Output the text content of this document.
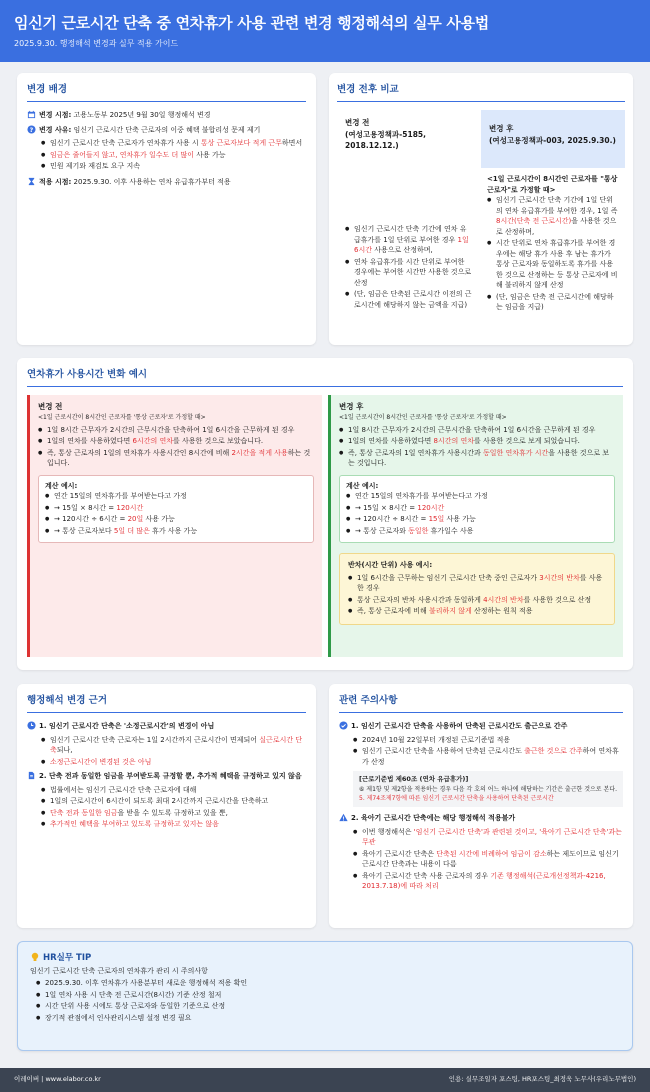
임신기 근로시간 단축 중 연차휴가 사용 관련 변경 행정해석의 실무 사용법
2025.9.30. 행정해석 변경과 실무 적용 가이드
변경 배경
변경 시점: 고용노동부 2025년 9월 30일 행정해석 변경
? 변경 사유: 임신기 근로시간 단축 근로자의 이중 혜택 불합리성 문제 제기
● 임신기 근로시간 단축 근로자가 연차휴가 사용 시 통상 근로자보다 적게 근무하면서
● 임금은 줄어들지 않고, 연차휴가 일수도 더 많이 사용 가능
● 민원 제기와 재검토 요구 지속
적용 시점: 2025.9.30. 이후 사용하는 연차 유급휴가부터 적용
변경 전후 비교
변경 전
(여성고용정책과-5185,
2018.12.12.)
● 임신기 근로시간 단축 기간에 연차 유급휴가를 1일 단위로 부여한 경우 1일 6시간 사용으로 산정하며,
● 연차 유급휴가를 시간 단위로 부여한 경우에는 부여한 시간만 사용한 것으로 산정
● (단, 임금은 단축된 근로시간 이전의 근로시간에 해당하지 않는 금액을 지급)
변경 후
(여성고용정책과-003, 2025.9.30.)
<1일 근로시간이 8시간인 근로자를 "통상 근로자"로 가정할 때>
● 임신기 근로시간 단축 기간에 1일 단위의 연차 유급휴가를 부여한 경우, 1일 즉 8시간(단축 전 근로시간)을 사용한 것으로 산정하며,
● 시간 단위로 연차 휴급휴가를 부여한 경우에는 해당 휴가 사용 후 남는 휴가가 통상 근로자와 동일하도록 휴가를 사용한 것으로 산정하는 등 통상 근로자에 비해 불리하지 않게 산정
● (단, 임금은 단축 전 근로시간에 해당하는 임금을 지급)
연차휴가 사용시간 변화 예시
변경 전
<1일 근로시간이 8시간인 근로자를 '통상 근로자'로 가정할 때>
● 1일 8시간 근무자가 2시간의 근무시간을 단축하여 1일 6시간을 근무하게 된 경우
● 1일의 연차를 사용하였다면 6시간의 연차를 사용한 것으로 보았습니다.
● 즉, 통상 근로자의 1일의 연차휴가 사용시간인 8시간에 비해 2시간을 적게 사용하는 것입니다.
계산 예시:
● 연간 15일의 연차휴가를 부여받는다고 가정
● → 15일 × 8시간 = 120시간
● → 120시간 ÷ 6시간 = 20일 사용 가능
● → 통상 근로자보다 5일 더 많은 휴가 사용 가능
변경 후
<1일 근로시간이 8시간인 근로자를 '통상 근로자'로 가정할 때>
● 1일 8시간 근무자가 2시간의 근무시간을 단축하여 1일 6시간을 근무하게 된 경우
● 1일의 연차를 사용하였다면 8시간의 연차를 사용한 것으로 보게 되었습니다.
● 즉, 통상 근로자의 1일 연차휴가 사용시간과 동일한 연차휴가 시간을 사용한 것으로 보는 것입니다.
계산 예시:
● 연간 15일의 연차휴가를 부여받는다고 가정
● → 15일 × 8시간 = 120시간
● → 120시간 ÷ 8시간 = 15일 사용 가능
● → 통상 근로자와 동일한 휴가일수 사용
반차(시간 단위) 사용 예시:
● 1일 6시간을 근무하는 임신기 근로시간 단축 중인 근로자가 3시간의 반차를 사용한 경우
● 통상 근로자의 반차 사용시간과 동일하게 4시간의 반차를 사용한 것으로 산정
● 즉, 통상 근로자에 비해 불리하지 않게 산정하는 원칙 적용
행정해석 변경 근거
1. 임신기 근로시간 단축은 '소정근로시간'의 변경이 아님
● 임신기 근로시간 단축 근로자는 1일 2시간까지 근로시간이 면제되어 실근로시간 단축되나,
● 소정근로시간이 변경된 것은 아님
2. 단축 전과 동일한 임금을 부여받도록 규정할 뿐, 추가적 혜택을 규정하고 있지 않음
● 법률에서는 임신기 근로시간 단축 근로자에 대해
● 1일의 근로시간이 6시간이 되도록 최대 2시간까지 근로시간을 단축하고
● 단축 전과 동일한 임금을 받을 수 있도록 규정하고 있을 뿐,
● 추가적인 혜택을 부여하고 있도록 규정하고 있지는 않음
관련 주의사항
1. 임신기 근로시간 단축을 사용하여 단축된 근로시간도 출근으로 간주
● 2024년 10월 22일부터 개정된 근로기준법 적용
● 임신기 근로시간 단축을 사용하여 단축된 근로시간도 출근한 것으로 간주하여 연차휴가 산정
[근로기준법 제60조 (연차 유급휴가)]
⑥ 제1항 및 제2항을 적용하는 경우 다음 각 호의 어느 하나에 해당하는 기간은 출근한 것으로 본다.
5. 제74조제7항에 따른 임신기 근로시간 단축을 사용하여 단축된 근로시간
! 2. 육아기 근로시간 단축에는 해당 행정해석 적용불가
● 이번 행정해석은 '임신기 근로시간 단축'과 관련된 것이고, '육아기 근로시간 단축'과는 무관
● 육아기 근로시간 단축은 단축된 시간에 비례하여 임금이 감소하는 제도이므로 임신기 근로시간 단축과는 내용이 다름
● 육아기 근로시간 단축 사용 근로자의 경우 기존 행정해석(근로개선정책과-4216, 2013.7.18)에 따라 처리
HR실무 TIP
임신기 근로시간 단축 근로자의 연차휴가 관리 시 주의사항
● 2025.9.30. 이후 연차휴가 사용분부터 새로운 행정해석 적용 확인
● 1일 연차 사용 시 단축 전 근로시간(8시간) 기준 산정 철저
● 시간 단위 사용 시에도 통상 근로자와 동일한 기준으로 산정
● 장기적 관점에서 인사관리시스템 설정 변경 필요
이레이버 | www.elabor.co.kr	인용: 실무조일자 포스팅, HR포스팅_최정욱 노무사(우리노무법인)
